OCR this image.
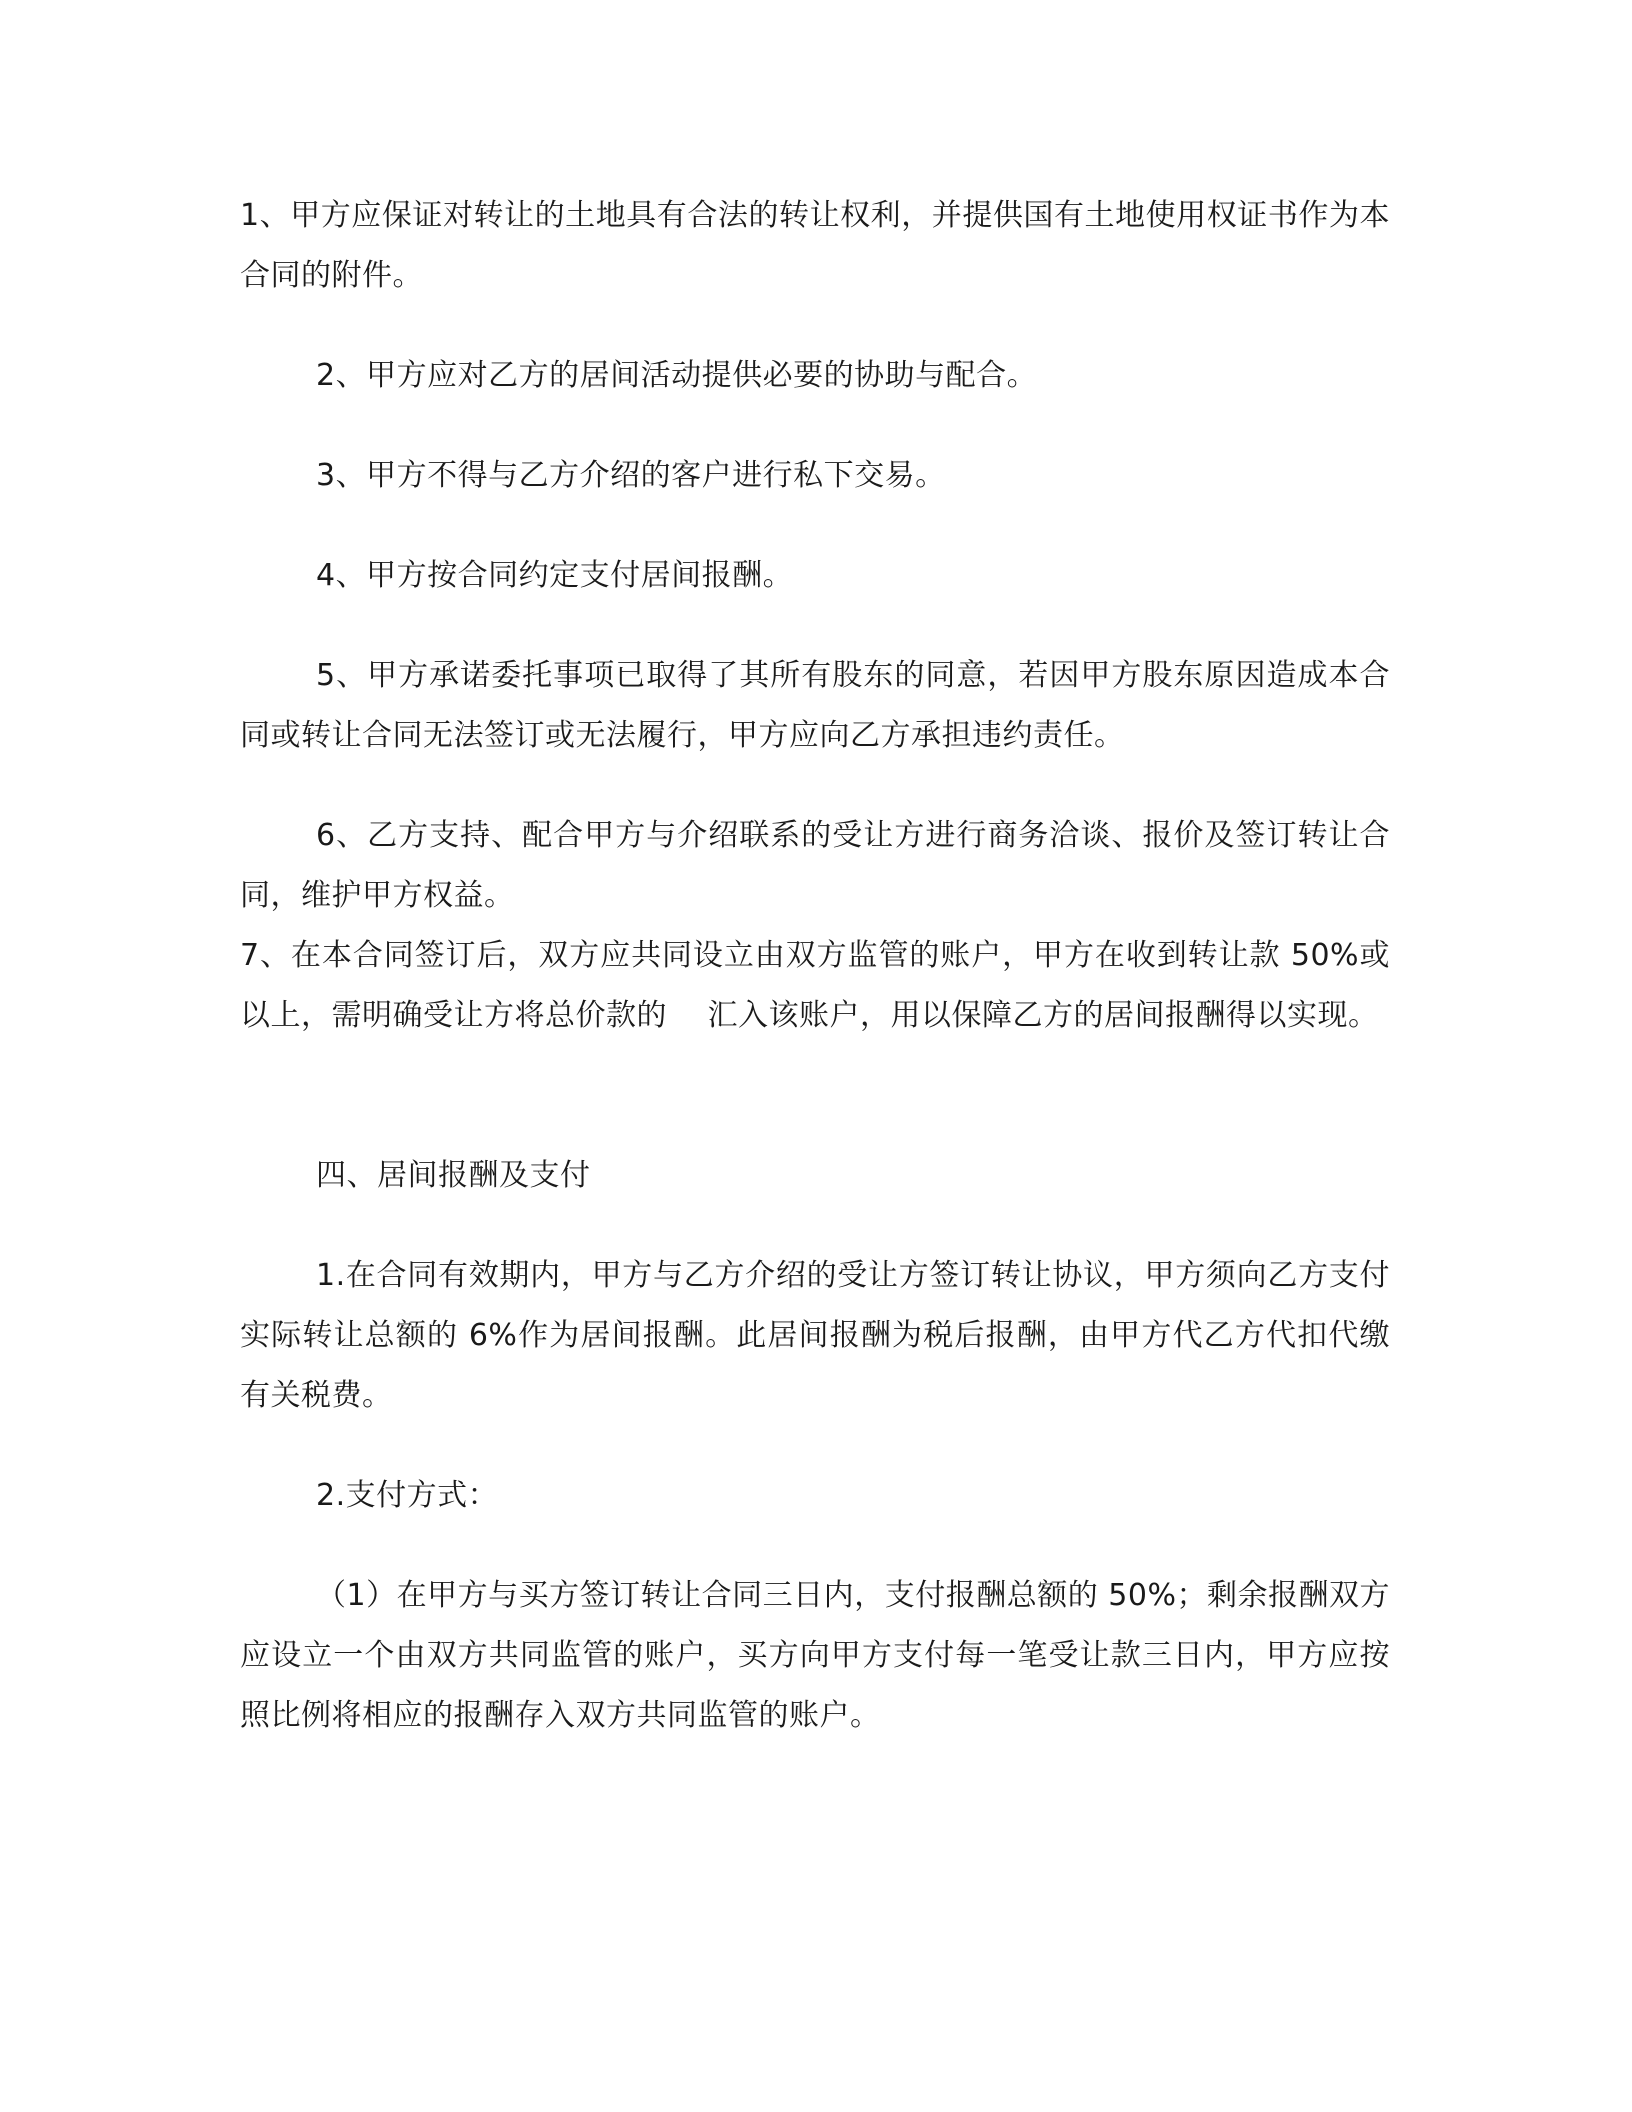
1、甲方应保证对转让的土地具有合法的转让权利，并提供国有土地使用权证书作为本合同的附件。

2、甲方应对乙方的居间活动提供必要的协助与配合。

3、甲方不得与乙方介绍的客户进行私下交易。

4、甲方按合同约定支付居间报酬。

5、甲方承诺委托事项已取得了其所有股东的同意，若因甲方股东原因造成本合同或转让合同无法签订或无法履行，甲方应向乙方承担违约责任。

6、乙方支持、配合甲方与介绍联系的受让方进行商务洽谈、报价及签订转让合同，维护甲方权益。

7、在本合同签订后，双方应共同设立由双方监管的账户，甲方在收到转让款 50%或以上，需明确受让方将总价款的　 汇入该账户，用以保障乙方的居间报酬得以实现。

四、居间报酬及支付

1.在合同有效期内，甲方与乙方介绍的受让方签订转让协议，甲方须向乙方支付实际转让总额的 6%作为居间报酬。此居间报酬为税后报酬，由甲方代乙方代扣代缴有关税费。

2.支付方式：

（1）在甲方与买方签订转让合同三日内，支付报酬总额的 50%；剩余报酬双方应设立一个由双方共同监管的账户，买方向甲方支付每一笔受让款三日内，甲方应按照比例将相应的报酬存入双方共同监管的账户。
